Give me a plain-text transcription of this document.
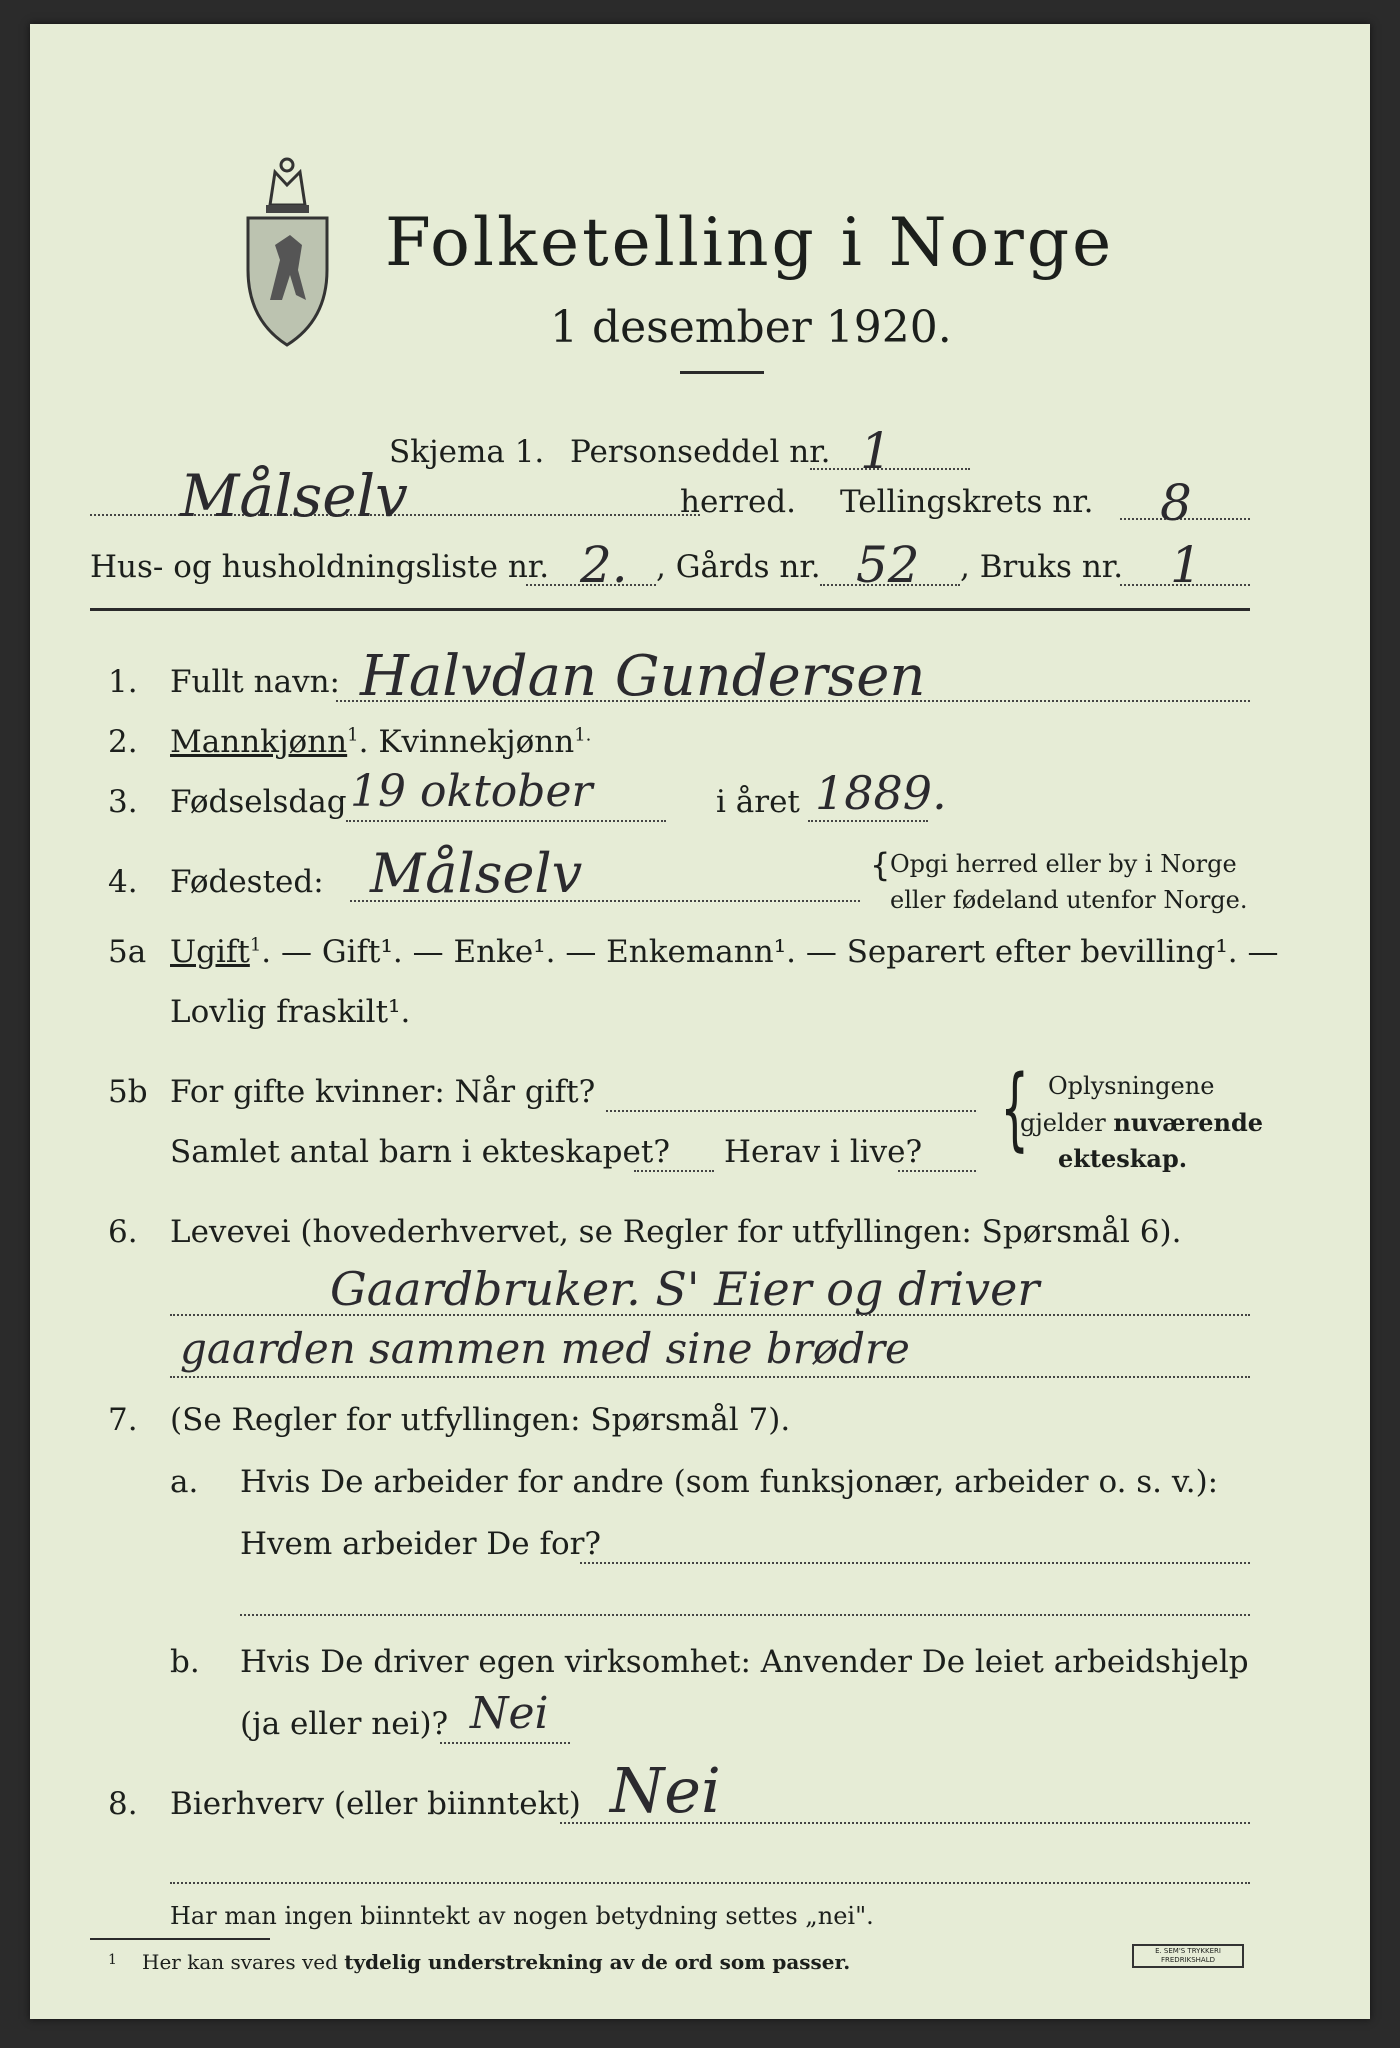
Folketelling i Norge
1 desember 1920.
Skjema 1. Personseddel nr. 1
Målselv	herred. Tellingskrets nr. 8
Hus- og husholdningsliste nr. 2. , Gårds nr. 52 , Bruks nr. 1
1. Fullt navn: Halvdan Gundersen
2. Mannkjønn$^1$. Kvinnekjønn$^{1.}$
3. Fødselsdag 19 oktober	i året 1889.
4. Fødested: Målselv	{ Opgi herred eller by i Norge
eller fødeland utenfor Norge.
5a Ugift$^1$. — Gift¹. — Enke¹. — Enkemann¹. — Separert efter bevilling¹. —
Lovlig fraskilt¹.
5b For gifte kvinner: Når gift?
Samlet antal barn i ekteskapet? Herav i live? { Oplysningene
gjelder nuværende
ekteskap.
6. Levevei (hovederhvervet, se Regler for utfyllingen: Spørsmål 6).
Gaardbruker. S' Eier og driver
gaarden sammen med sine brødre
7. (Se Regler for utfyllingen: Spørsmål 7).
a. Hvis De arbeider for andre (som funksjonær, arbeider o. s. v.):
Hvem arbeider De for?
b. Hvis De driver egen virksomhet: Anvender De leiet arbeidshjelp
(ja eller nei)? Nei
8. Bierhverv (eller biinntekt) Nei
Har man ingen biinntekt av nogen betydning settes „nei".
1 Her kan svares ved tydelig understrekning av de ord som passer.	E. SEM'S TRYKKERI
FREDRIKSHALD
